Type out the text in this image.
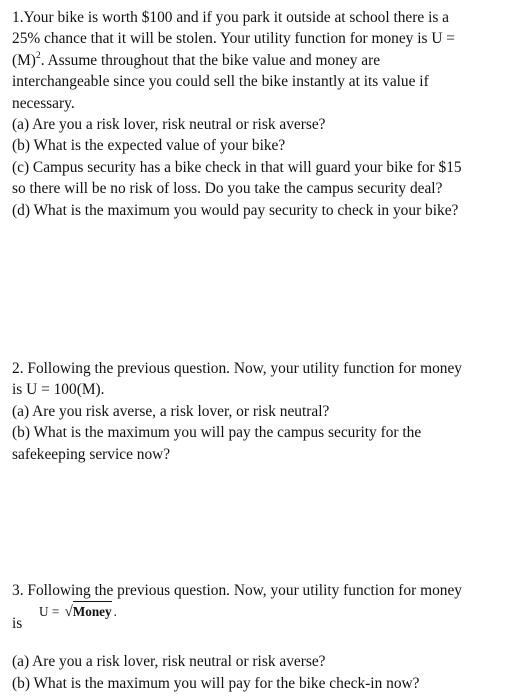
1.Your bike is worth $100 and if you park it outside at school there is a
25% chance that it will be stolen. Your utility function for money is U =
$(M)^2$. Assume throughout that the bike value and money are
interchangeable since you could sell the bike instantly at its value if
necessary.
(a) Are you a risk lover, risk neutral or risk averse?
(b) What is the expected value of your bike?
(c) Campus security has a bike check in that will guard your bike for $15
so there will be no risk of loss. Do you take the campus security deal?
(d) What is the maximum you would pay security to check in your bike?
2. Following the previous question. Now, your utility function for money
is U = 100(M).
(a) Are you risk averse, a risk lover, or risk neutral?
(b) What is the maximum you will pay the campus security for the
safekeeping service now?
3. Following the previous question. Now, your utility function for money
is
U = √Money .
(a) Are you a risk lover, risk neutral or risk averse?
(b) What is the maximum you will pay for the bike check-in now?
